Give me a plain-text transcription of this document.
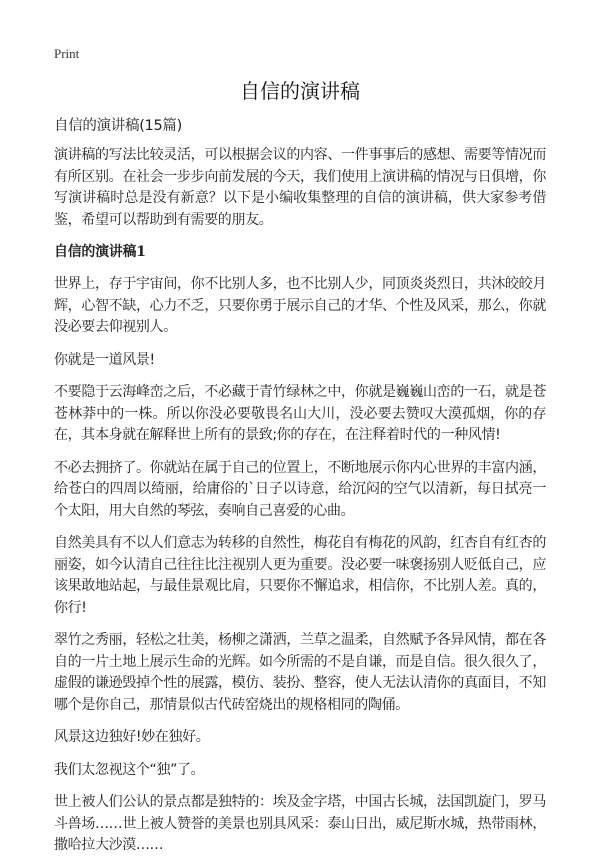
Print
自信的演讲稿

自信的演讲稿(15篇)

演讲稿的写法比较灵活，可以根据会议的内容、一件事事后的感想、需要等情况而有所区别。在社会一步步向前发展的今天，我们使用上演讲稿的情况与日俱增，你写演讲稿时总是没有新意？以下是小编收集整理的自信的演讲稿，供大家参考借鉴，希望可以帮助到有需要的朋友。

自信的演讲稿1

世界上，存于宇宙间，你不比别人多，也不比别人少，同顶炎炎烈日，共沐皎皎月辉，心智不缺，心力不乏，只要你勇于展示自己的才华、个性及风采，那么，你就没必要去仰视别人。

你就是一道风景!

不要隐于云海峰峦之后，不必藏于青竹绿林之中，你就是巍巍山峦的一石，就是苍苍林莽中的一株。所以你没必要敬畏名山大川，没必要去赞叹大漠孤烟，你的存在，其本身就在解释世上所有的景致;你的存在，在注释着时代的一种风情!

不必去拥挤了。你就站在属于自己的位置上，不断地展示你内心世界的丰富内涵，给苍白的四周以绮丽，给庸俗的`日子以诗意，给沉闷的空气以清新，每日拭亮一个太阳，用大自然的琴弦，奏响自己喜爱的心曲。

自然美具有不以人们意志为转移的自然性，梅花自有梅花的风韵，红杏自有红杏的丽姿，如今认清自己往往比注视别人更为重要。没必要一味褒扬别人贬低自己，应该果敢地站起，与最佳景观比肩，只要你不懈追求，相信你，不比别人差。真的，你行!

翠竹之秀丽，轻松之壮美，杨柳之潇洒，兰草之温柔，自然赋予各异风情，都在各自的一片土地上展示生命的光辉。如今所需的不是自谦，而是自信。很久很久了，虚假的谦逊毁掉个性的展露，模仿、装扮、整容，使人无法认清你的真面目，不知哪个是你自己，那情景似古代砖窑烧出的规格相同的陶俑。

风景这边独好!妙在独好。

我们太忽视这个“独”了。

世上被人们公认的景点都是独特的：埃及金字塔，中国古长城，法国凯旋门，罗马斗兽场……世上被人赞誉的美景也别具风采：泰山日出，威尼斯水城，热带雨林，撒哈拉大沙漠……
